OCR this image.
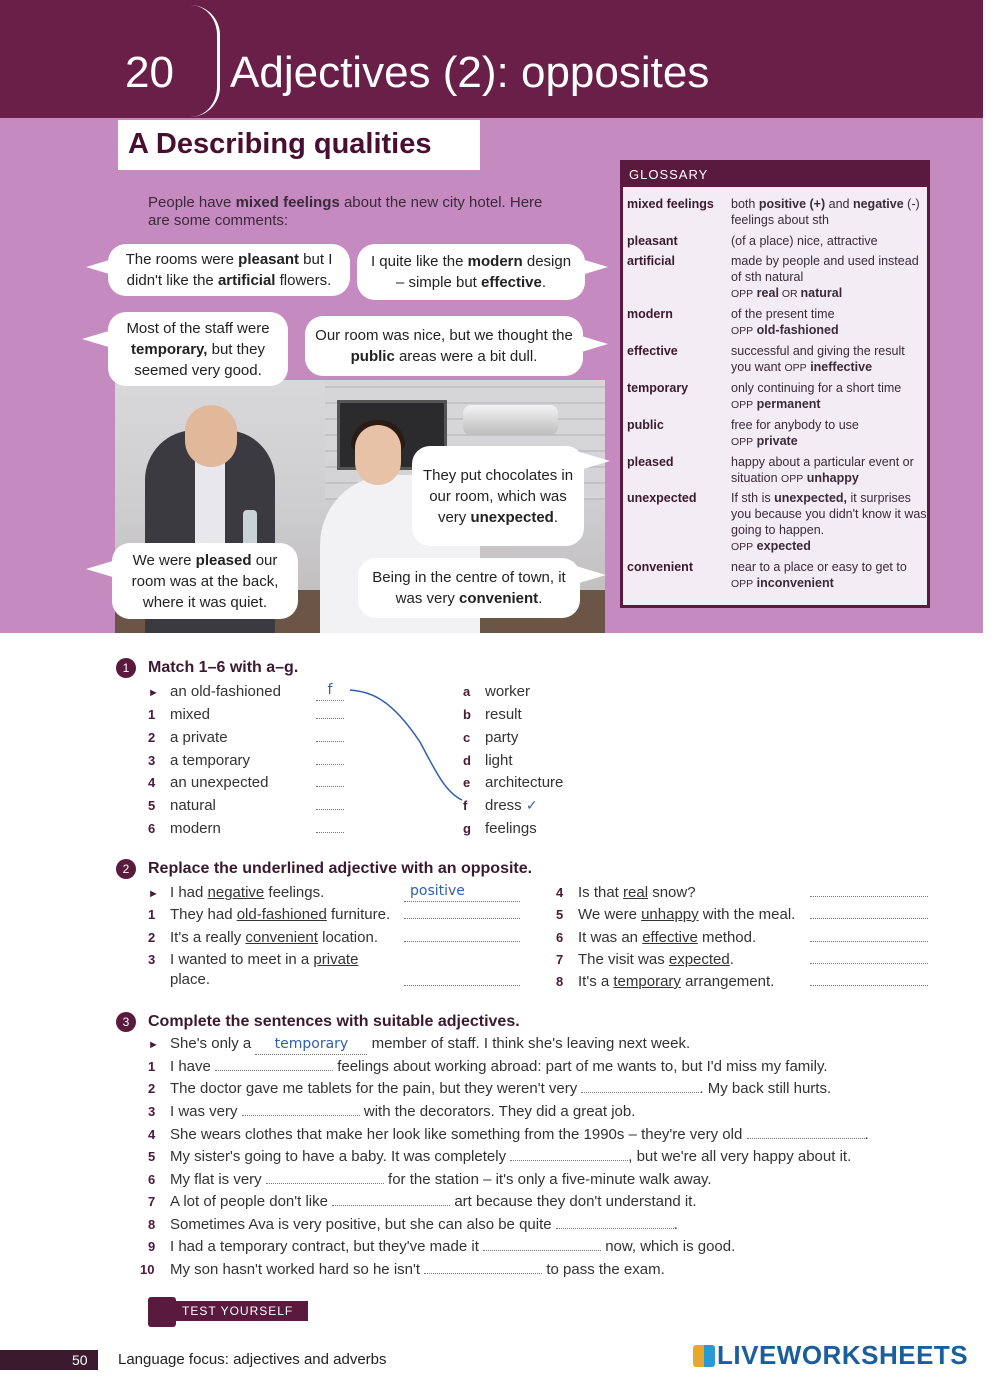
20 Adjectives (2): opposites
A Describing qualities
People have mixed feelings about the new city hotel. Here are some comments:
The rooms were pleasant but I didn't like the artificial flowers.
I quite like the modern design – simple but effective.
Most of the staff were temporary, but they seemed very good.
Our room was nice, but we thought the public areas were a bit dull.
They put chocolates in our room, which was very unexpected.
We were pleased our room was at the back, where it was quiet.
Being in the centre of town, it was very convenient.
GLOSSARY
mixed feelings both positive (+) and negative (-) feelings about sth
pleasant	(of a place) nice, attractive
artificial	made by people and used instead of sth natural
OPP real OR natural
modern	of the present time
OPP old-fashioned
effective	successful and giving the result you want OPP ineffective
temporary	only continuing for a short time
OPP permanent
public	free for anybody to use
OPP private
pleased	happy about a particular event or situation OPP unhappy
unexpected	If sth is unexpected, it surprises you because you didn't know it was going to happen.
OPP expected
convenient	near to a place or easy to get to
OPP inconvenient
1	Match 1–6 with a–g.
► an old-fashioned	f
1 mixed
2 a private
3 a temporary
4 an unexpected
5 natural
6 modern
a worker
b result
c party
d light
e architecture
f dress ✓
g feelings
2	Replace the underlined adjective with an opposite.
► I had negative feelings.	positive
1 They had old-fashioned furniture.
2 It's a really convenient location.
3 I wanted to meet in a private
place.
4 Is that real snow?
5 We were unhappy with the meal.
6 It was an effective method.
7 The visit was expected.
8 It's a temporary arrangement.
3	Complete the sentences with suitable adjectives.
► She's only a temporary member of staff. I think she's leaving next week.
1 I have	feelings about working abroad: part of me wants to, but I'd miss my family.
2 The doctor gave me tablets for the pain, but they weren't very	. My back still hurts.
3 I was very	with the decorators. They did a great job.
4 She wears clothes that make her look like something from the 1990s – they're very old	.
5 My sister's going to have a baby. It was completely	, but we're all very happy about it.
6 My flat is very	for the station – it's only a five-minute walk away.
7 A lot of people don't like	art because they don't understand it.
8 Sometimes Ava is very positive, but she can also be quite	.
9 I had a temporary contract, but they've made it	now, which is good.
10 My son hasn't worked hard so he isn't	to pass the exam.
TEST YOURSELF
50 Language focus: adjectives and adverbs	LIVEWORKSHEETS
